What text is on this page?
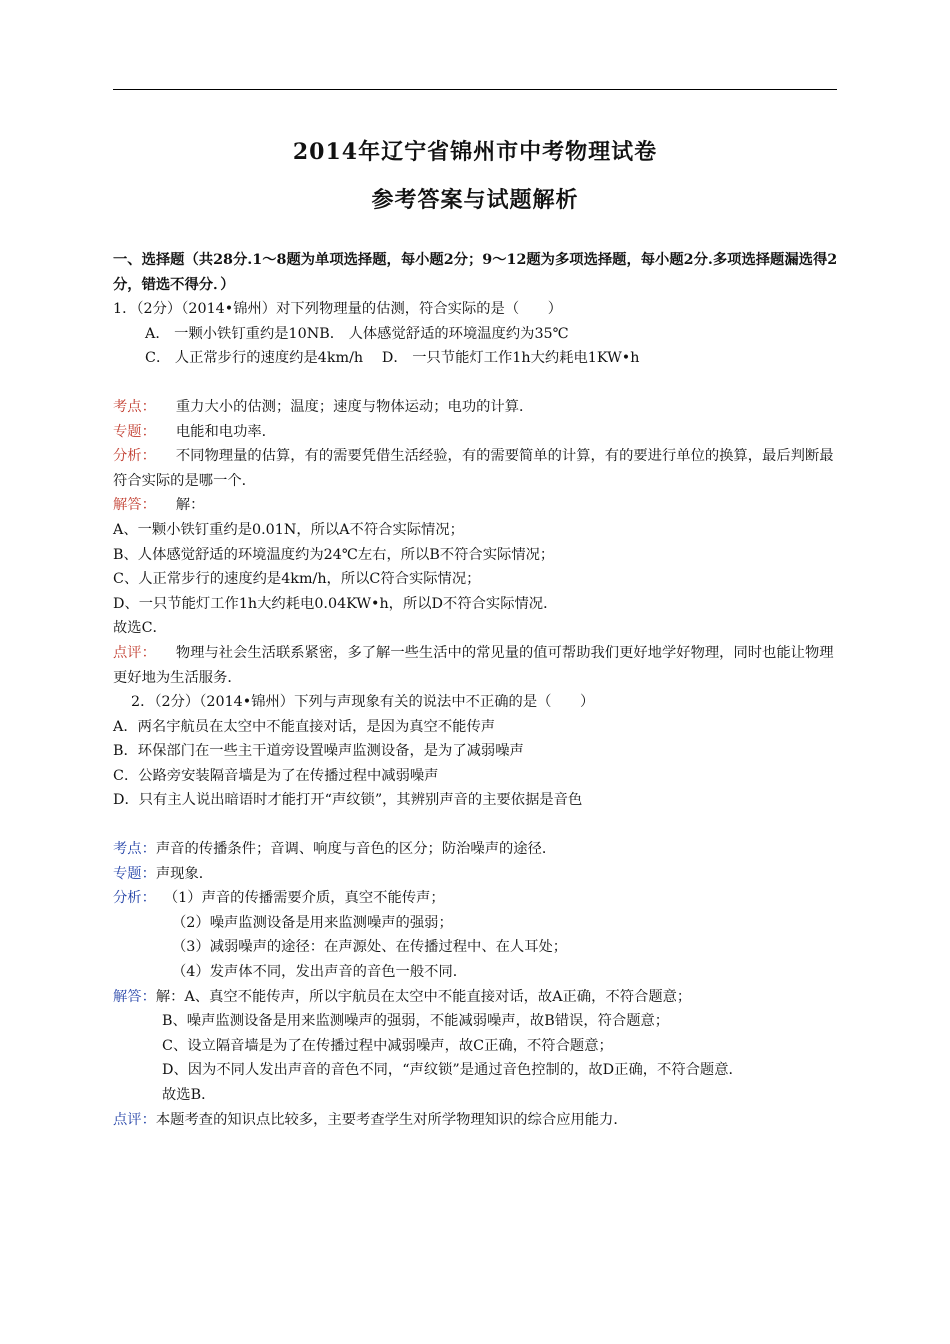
2014年辽宁省锦州市中考物理试卷
参考答案与试题解析
一、选择题（共28分.1～8题为单项选择题，每小题2分；9～12题为多项选择题，每小题2分.多项选择题漏选得2分，错选不得分．）
1．（2分）（2014•锦州）对下列物理量的估测，符合实际的是（　　）
A． 一颗小铁钉重约是10NB． 人体感觉舒适的环境温度约为35℃
C． 人正常步行的速度约是4km/h　 D． 一只节能灯工作1h大约耗电1KW•h
考点： 重力大小的估测；温度；速度与物体运动；电功的计算．
专题： 电能和电功率．
分析： 不同物理量的估算，有的需要凭借生活经验，有的需要简单的计算，有的要进行单位的换算，最后判断最符合实际的是哪一个．
解答： 解：
A、一颗小铁钉重约是0.01N，所以A不符合实际情况；
B、人体感觉舒适的环境温度约为24℃左右，所以B不符合实际情况；
C、人正常步行的速度约是4km/h，所以C符合实际情况；
D、一只节能灯工作1h大约耗电0.04KW•h，所以D不符合实际情况．
故选C．
点评： 物理与社会生活联系紧密，多了解一些生活中的常见量的值可帮助我们更好地学好物理，同时也能让物理更好地为生活服务．
2．（2分）（2014•锦州）下列与声现象有关的说法中不正确的是（　　）
A．两名宇航员在太空中不能直接对话，是因为真空不能传声
B．环保部门在一些主干道旁设置噪声监测设备，是为了减弱噪声
C．公路旁安装隔音墙是为了在传播过程中减弱噪声
D．只有主人说出暗语时才能打开“声纹锁”，其辨别声音的主要依据是音色
考点：声音的传播条件；音调、响度与音色的区分；防治噪声的途径．
专题：声现象．
分析： （1）声音的传播需要介质，真空不能传声；
（2）噪声监测设备是用来监测噪声的强弱；
（3）减弱噪声的途径：在声源处、在传播过程中、在人耳处；
（4）发声体不同，发出声音的音色一般不同．
解答：解：A、真空不能传声，所以宇航员在太空中不能直接对话，故A正确，不符合题意；
B、噪声监测设备是用来监测噪声的强弱，不能减弱噪声，故B错误，符合题意；
C、设立隔音墙是为了在传播过程中减弱噪声，故C正确，不符合题意；
D、因为不同人发出声音的音色不同，“声纹锁”是通过音色控制的，故D正确，不符合题意．
故选B．
点评：本题考查的知识点比较多，主要考查学生对所学物理知识的综合应用能力．
